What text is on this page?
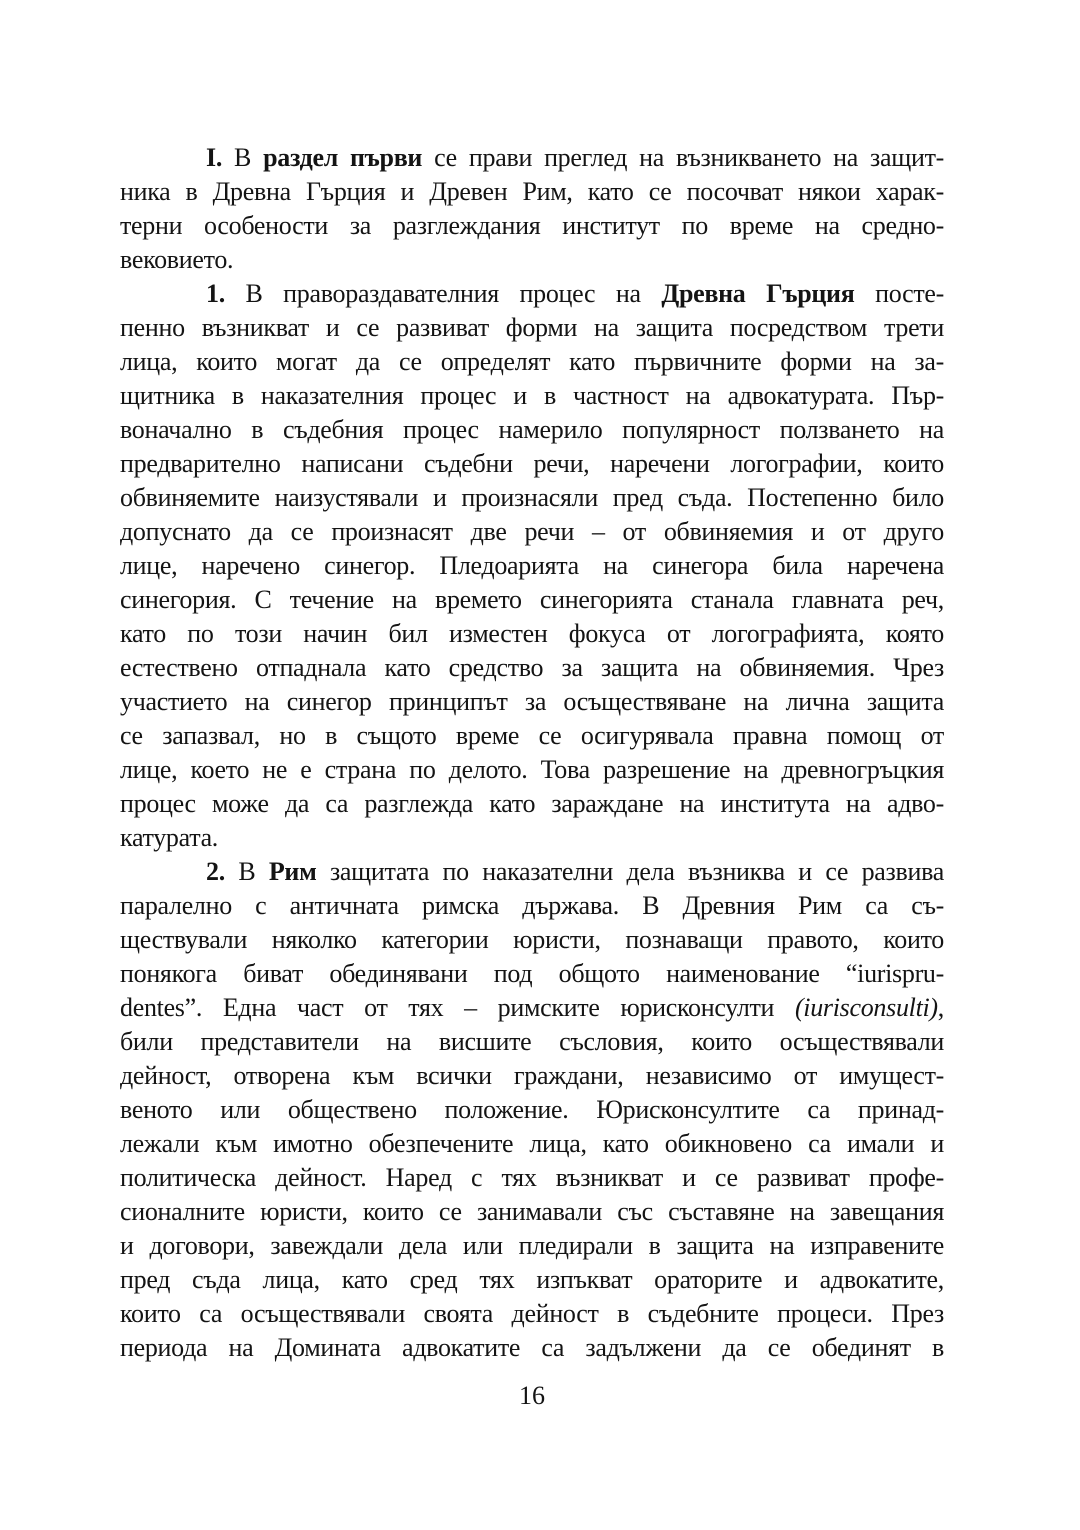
I. В раздел първи се прави преглед на възникването на защит-
ника в Древна Гърция и Древен Рим, като се посочват някои харак-
терни особености за разглеждания институт по време на средно-
вековието.
1. В правораздавателния процес на Древна Гърция посте-
пенно възникват и се развиват форми на защита посредством трети
лица, които могат да се определят като първичните форми на за-
щитника в наказателния процес и в частност на адвокатурата. Пър-
воначално в съдебния процес намерило популярност ползването на
предварително написани съдебни речи, наречени логографии, които
обвиняемите наизустявали и произнасяли пред съда. Постепенно било
допуснато да се произнасят две речи – от обвиняемия и от друго
лице, наречено синегор. Пледоарията на синегора била наречена
синегория. С течение на времето синегорията станала главната реч,
като по този начин бил изместен фокуса от логографията, която
естествено отпаднала като средство за защита на обвиняемия. Чрез
участието на синегор принципът за осъществяване на лична защита
се запазвал, но в същото време се осигурявала правна помощ от
лице, което не е страна по делото. Това разрешение на древногръцкия
процес може да са разглежда като зараждане на института на адво-
катурата.
2. В Рим защитата по наказателни дела възниква и се развива
паралелно с античната римска държава. В Древния Рим са съ-
ществували няколко категории юристи, познаващи правото, които
понякога биват обединявани под общото наименование “iurispru-
dentes”. Една част от тях – римските юрисконсулти (iurisconsulti),
били представители на висшите съсловия, които осъществявали
дейност, отворена към всички граждани, независимо от имущест-
веното или обществено положение. Юрисконсултите са принад-
лежали към имотно обезпечените лица, като обикновено са имали и
политическа дейност. Наред с тях възникват и се развиват профе-
сионалните юристи, които се занимавали със съставяне на завещания
и договори, завеждали дела или пледирали в защита на изправените
пред съда лица, като сред тях изпъкват ораторите и адвокатите,
които са осъществявали своята дейност в съдебните процеси. През
периода на Домината адвокатите са задължени да се обединят в
16
